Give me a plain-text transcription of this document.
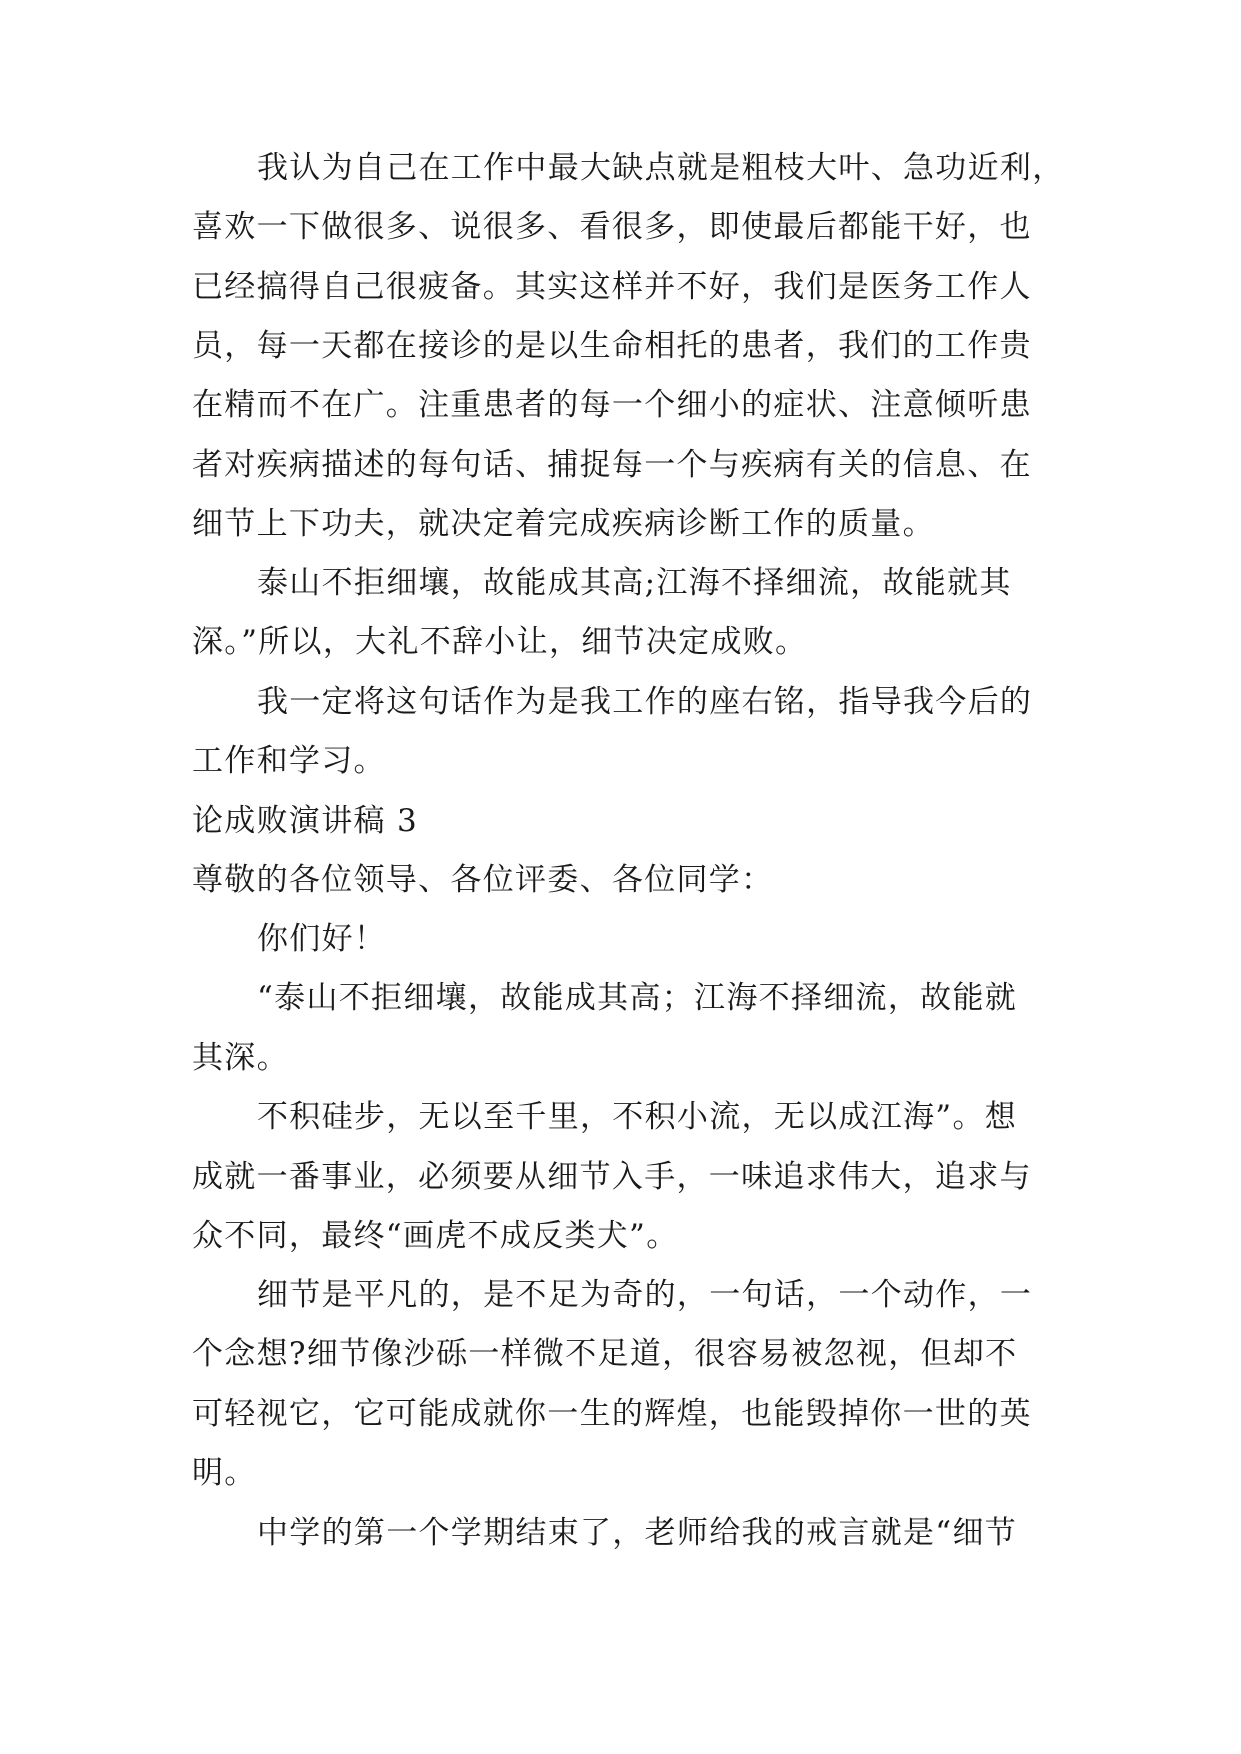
我认为自己在工作中最大缺点就是粗枝大叶、急功近利，
喜欢一下做很多、说很多、看很多，即使最后都能干好，也
已经搞得自己很疲备。其实这样并不好，我们是医务工作人
员，每一天都在接诊的是以生命相托的患者，我们的工作贵
在精而不在广。注重患者的每一个细小的症状、注意倾听患
者对疾病描述的每句话、捕捉每一个与疾病有关的信息、在
细节上下功夫，就决定着完成疾病诊断工作的质量。
泰山不拒细壤，故能成其高;江海不择细流，故能就其
深。”所以，大礼不辞小让，细节决定成败。
我一定将这句话作为是我工作的座右铭，指导我今后的
工作和学习。
论成败演讲稿 3
尊敬的各位领导、各位评委、各位同学：
你们好！
“泰山不拒细壤，故能成其高；江海不择细流，故能就
其深。
不积硅步，无以至千里，不积小流，无以成江海”。想
成就一番事业，必须要从细节入手，一味追求伟大，追求与
众不同，最终“画虎不成反类犬”。
细节是平凡的，是不足为奇的，一句话，一个动作，一
个念想?细节像沙砾一样微不足道，很容易被忽视，但却不
可轻视它，它可能成就你一生的辉煌，也能毁掉你一世的英
明。
中学的第一个学期结束了，老师给我的戒言就是“细节
